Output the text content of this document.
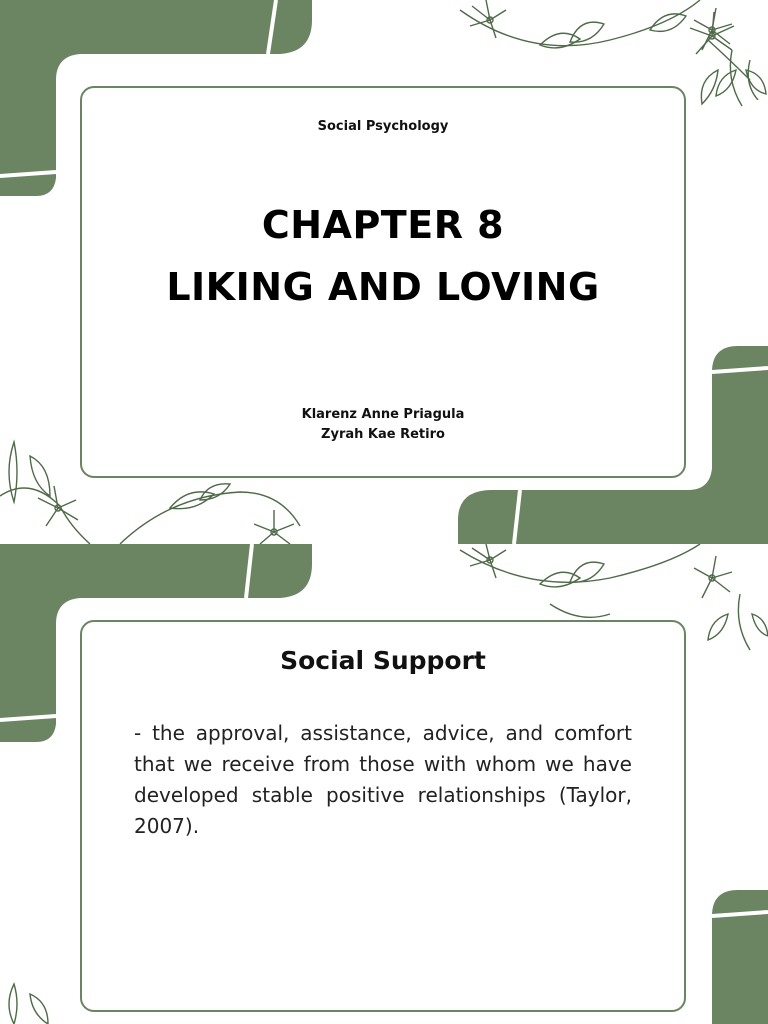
Social Psychology
CHAPTER 8
LIKING AND LOVING
Klarenz Anne Priagula
Zyrah Kae Retiro
Social Support
- the approval, assistance, advice, and comfort that we receive from those with whom we have developed stable positive relationships (Taylor, 2007).
